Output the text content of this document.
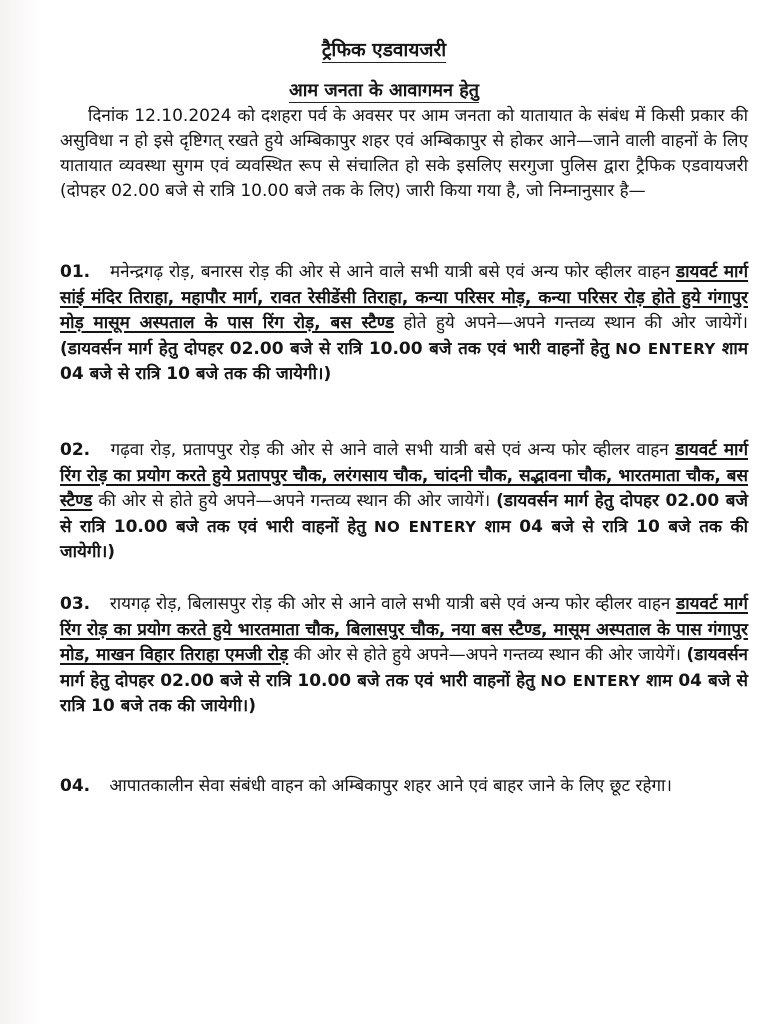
ट्रैफिक एडवायजरी
आम जनता के आवागमन हेतु
दिनांक 12.10.2024 को दशहरा पर्व के अवसर पर आम जनता को यातायात के संबंध में किसी प्रकार की असुविधा न हो इसे दृष्टिगत् रखते हुये अम्बिकापुर शहर एवं अम्बिकापुर से होकर आने—जाने वाली वाहनों के लिए यातायात व्यवस्था सुगम एवं व्यवस्थित रूप से संचालित हो सके इसलिए सरगुजा पुलिस द्वारा ट्रैफिक एडवायजरी (दोपहर 02.00 बजे से रात्रि 10.00 बजे तक के लिए) जारी किया गया है, जो निम्नानुसार है—
01. मनेन्द्रगढ़ रोड़, बनारस रोड़ की ओर से आने वाले सभी यात्री बसे एवं अन्य फोर व्हीलर वाहन डायवर्ट मार्ग सांई मंदिर तिराहा, महापौर मार्ग, रावत रेसीडेंसी तिराहा, कन्या परिसर मोड़, कन्या परिसर रोड़ होते हुये गंगापुर मोड़ मासूम अस्पताल के पास रिंग रोड़, बस स्टैण्ड होते हुये अपने—अपने गन्तव्य स्थान की ओर जायेगें। (डायवर्सन मार्ग हेतु दोपहर 02.00 बजे से रात्रि 10.00 बजे तक एवं भारी वाहनों हेतु NO ENTERY शाम 04 बजे से रात्रि 10 बजे तक की जायेगी।)
02. गढ़वा रोड़, प्रतापपुर रोड़ की ओर से आने वाले सभी यात्री बसे एवं अन्य फोर व्हीलर वाहन डायवर्ट मार्ग रिंग रोड़ का प्रयोग करते हुये प्रतापपुर चौक, लरंगसाय चौक, चांदनी चौक, सद्भावना चौक, भारतमाता चौक, बस स्टैण्ड की ओर से होते हुये अपने—अपने गन्तव्य स्थान की ओर जायेगें। (डायवर्सन मार्ग हेतु दोपहर 02.00 बजे से रात्रि 10.00 बजे तक एवं भारी वाहनों हेतु NO ENTERY शाम 04 बजे से रात्रि 10 बजे तक की जायेगी।)
03. रायगढ़ रोड़, बिलासपुर रोड़ की ओर से आने वाले सभी यात्री बसे एवं अन्य फोर व्हीलर वाहन डायवर्ट मार्ग रिंग रोड़ का प्रयोग करते हुये भारतमाता चौक, बिलासपुर चौक, नया बस स्टैण्ड, मासूम अस्पताल के पास गंगापुर मोड, माखन विहार तिराहा एमजी रोड़ की ओर से होते हुये अपने—अपने गन्तव्य स्थान की ओर जायेगें। (डायवर्सन मार्ग हेतु दोपहर 02.00 बजे से रात्रि 10.00 बजे तक एवं भारी वाहनों हेतु NO ENTERY शाम 04 बजे से रात्रि 10 बजे तक की जायेगी।)
04. आपातकालीन सेवा संबंधी वाहन को अम्बिकापुर शहर आने एवं बाहर जाने के लिए छूट रहेगा।
